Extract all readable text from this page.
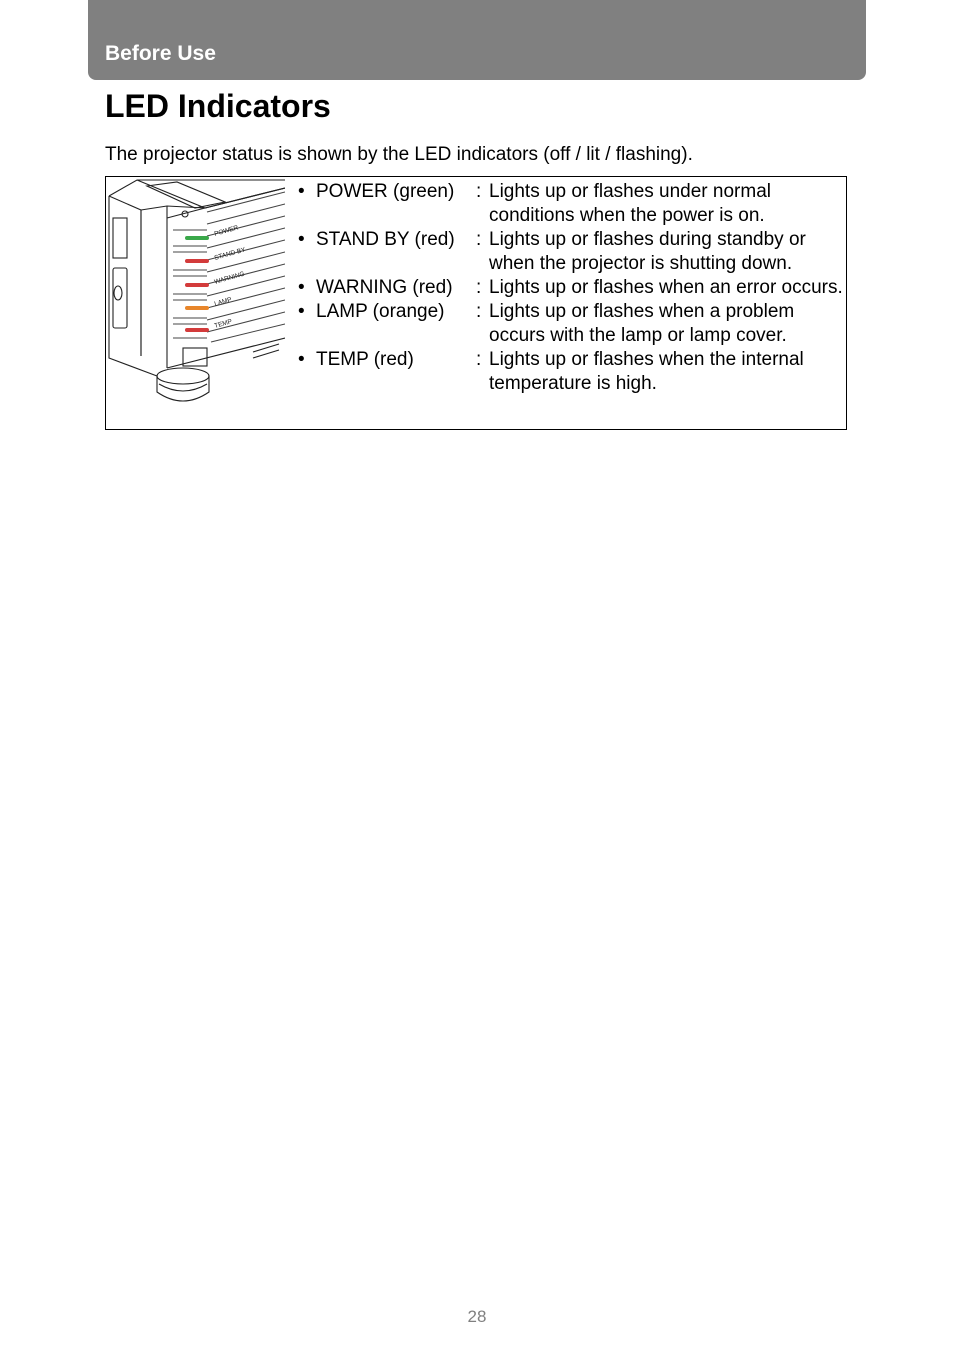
Before Use
LED Indicators

The projector status is shown by the LED indicators (off / lit / flashing).

POWER
STAND BY
WARNING
LAMP
TEMP
• POWER (green)	: Lights up or flashes under normal conditions when the power is on.
• STAND BY (red)	: Lights up or flashes during standby or when the projector is shutting down.
• WARNING (red)	: Lights up or flashes when an error occurs.
• LAMP (orange)	: Lights up or flashes when a problem occurs with the lamp or lamp cover.
• TEMP (red)	: Lights up or flashes when the internal temperature is high.
28
